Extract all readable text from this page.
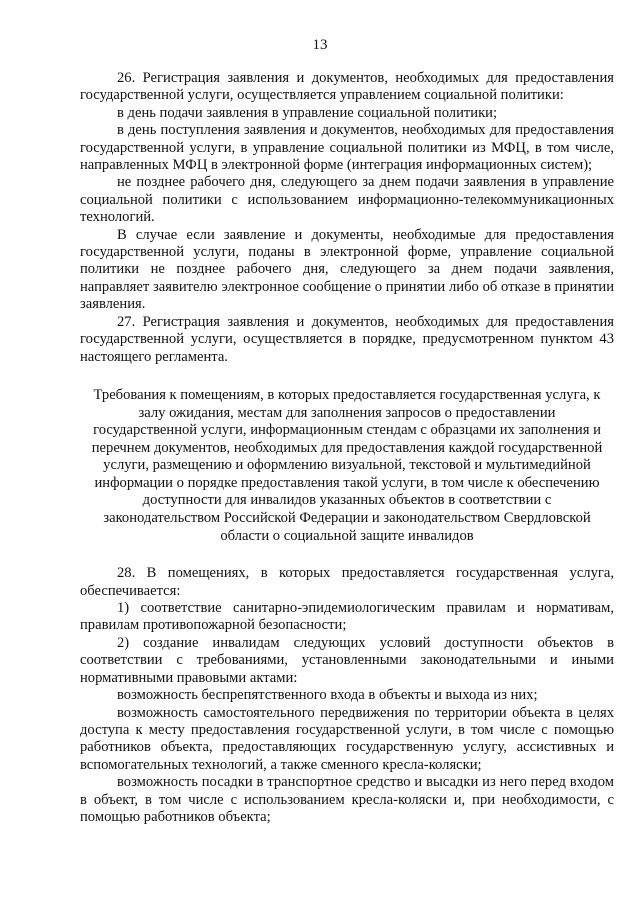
13

26. Регистрация заявления и документов, необходимых для предоставления государственной услуги, осуществляется управлением социальной политики:

в день подачи заявления в управление социальной политики;

в день поступления заявления и документов, необходимых для предоставления государственной услуги, в управление социальной политики из МФЦ, в том числе, направленных МФЦ в электронной форме (интеграция информационных систем);

не позднее рабочего дня, следующего за днем подачи заявления в управление социальной политики с использованием информационно-телекоммуникационных технологий.

В случае если заявление и документы, необходимые для предоставления государственной услуги, поданы в электронной форме, управление социальной политики не позднее рабочего дня, следующего за днем подачи заявления, направляет заявителю электронное сообщение о принятии либо об отказе в принятии заявления.

27. Регистрация заявления и документов, необходимых для предоставления государственной услуги, осуществляется в порядке, предусмотренном пунктом 43 настоящего регламента.

Требования к помещениям, в которых предоставляется государственная услуга, к залу ожидания, местам для заполнения запросов о предоставлении государственной услуги, информационным стендам с образцами их заполнения и перечнем документов, необходимых для предоставления каждой государственной услуги, размещению и оформлению визуальной, текстовой и мультимедийной информации о порядке предоставления такой услуги, в том числе к обеспечению доступности для инвалидов указанных объектов в соответствии с законодательством Российской Федерации и законодательством Свердловской области о социальной защите инвалидов

28. В помещениях, в которых предоставляется государственная услуга, обеспечивается:

1) соответствие санитарно-эпидемиологическим правилам и нормативам, правилам противопожарной безопасности;

2) создание инвалидам следующих условий доступности объектов в соответствии с требованиями, установленными законодательными и иными нормативными правовыми актами:

возможность беспрепятственного входа в объекты и выхода из них;

возможность самостоятельного передвижения по территории объекта в целях доступа к месту предоставления государственной услуги, в том числе с помощью работников объекта, предоставляющих государственную услугу, ассистивных и вспомогательных технологий, а также сменного кресла-коляски;

возможность посадки в транспортное средство и высадки из него перед входом в объект, в том числе с использованием кресла-коляски и, при необходимости, с помощью работников объекта;
